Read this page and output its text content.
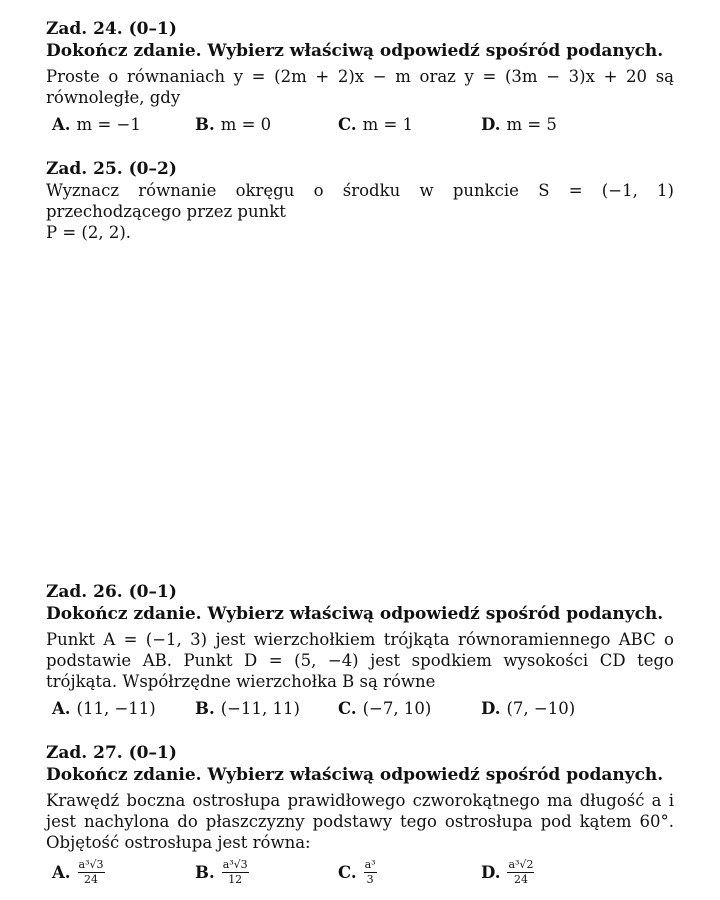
Zad. 24. (0–1)

Dokończ zdanie. Wybierz właściwą odpowiedź spośród podanych.

Proste o równaniach y = (2m + 2)x − m oraz y = (3m − 3)x + 20 są równoległe, gdy

A. m = −1	B. m = 0	C. m = 1	D. m = 5

Zad. 25. (0–2)

Wyznacz równanie okręgu o środku w punkcie S = (−1, 1) przechodzącego przez punkt

P = (2, 2).

Zad. 26. (0–1)

Dokończ zdanie. Wybierz właściwą odpowiedź spośród podanych.

Punkt A = (−1, 3) jest wierzchołkiem trójkąta równoramiennego ABC o podstawie AB. Punkt D = (5, −4) jest spodkiem wysokości CD tego trójkąta. Współrzędne wierzchołka B są równe

A. (11, −11) B. (−11, 11) C. (−7, 10)	D. (7, −10)

Zad. 27. (0–1)

Dokończ zdanie. Wybierz właściwą odpowiedź spośród podanych.

Krawędź boczna ostrosłupa prawidłowego czworokątnego ma długość a i jest nachylona do płaszczyzny podstawy tego ostrosłupa pod kątem 60°. Objętość ostrosłupa jest równa:

A. $\frac{\text{a³√3}}{24}$	B. $\frac{\text{a³√3}}{12}$	C. $\frac{\text{a³}}{3}$	D. $\frac{\text{a³√2}}{24}$
